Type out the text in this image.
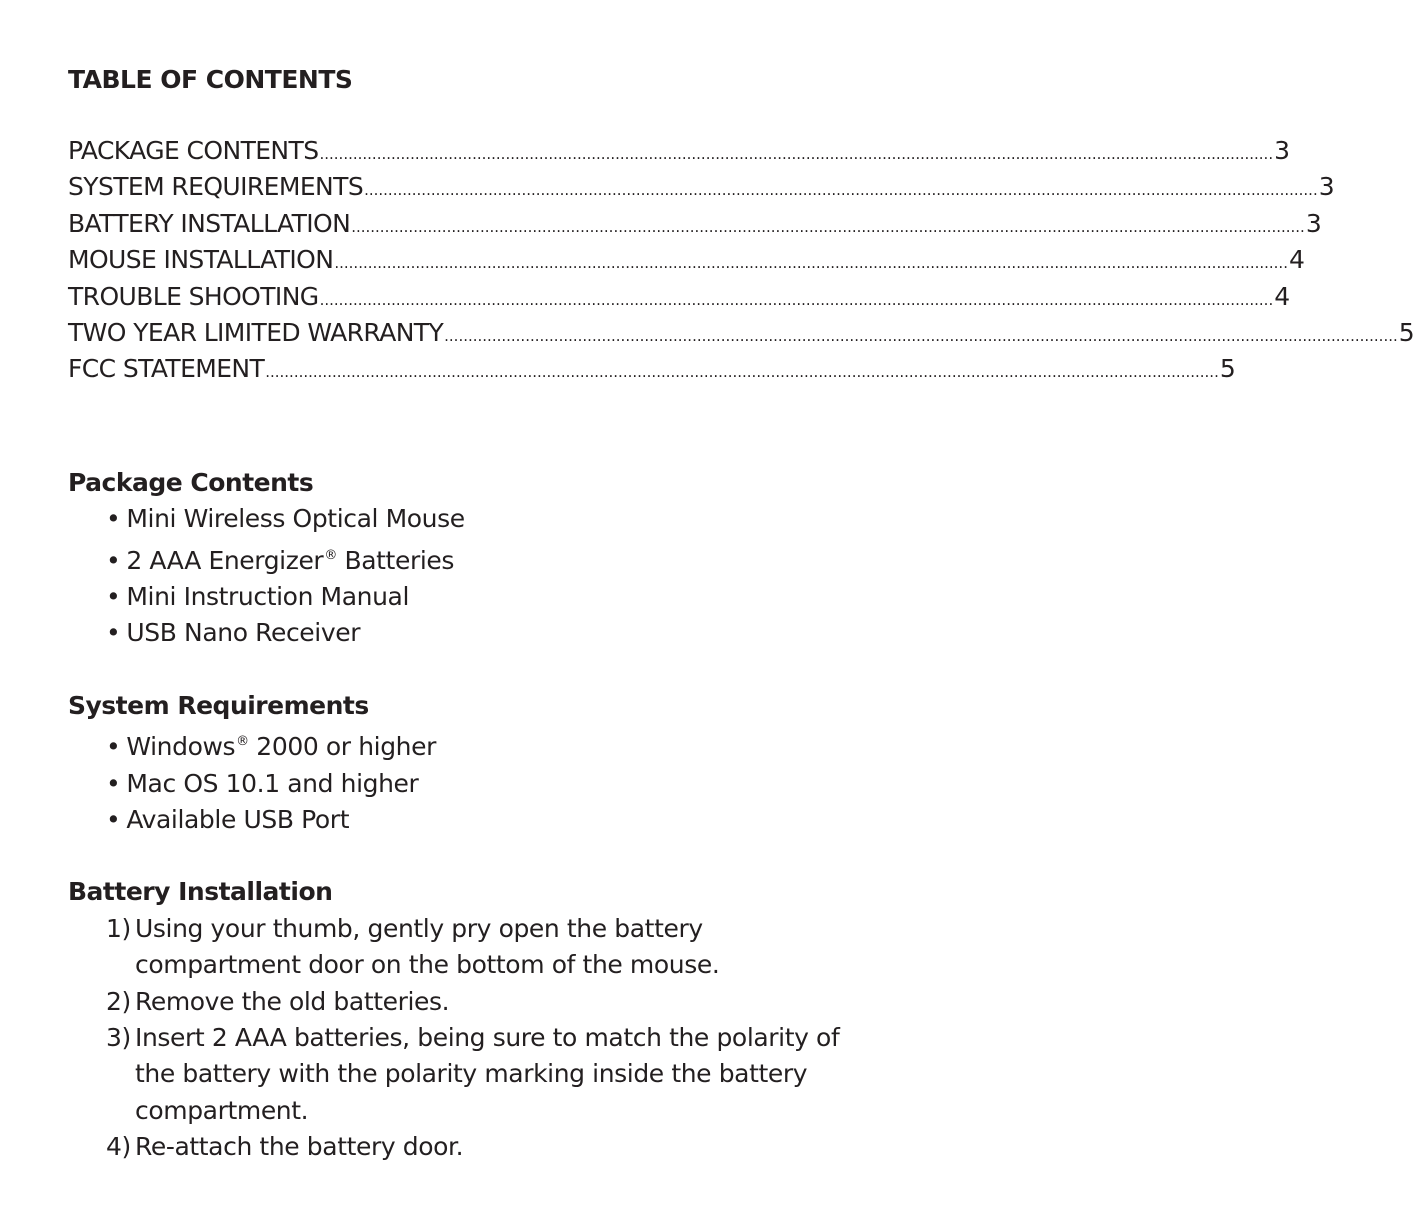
TABLE OF CONTENTS
PACKAGE CONTENTS ........................................................................................................................................................................................................ 3
SYSTEM REQUIREMENTS ........................................................................................................................................................................................................ 3
BATTERY INSTALLATION ........................................................................................................................................................................................................ 3
MOUSE INSTALLATION ........................................................................................................................................................................................................ 4
TROUBLE SHOOTING ........................................................................................................................................................................................................ 4
TWO YEAR LIMITED WARRANTY ........................................................................................................................................................................................................ 5
FCC STATEMENT ........................................................................................................................................................................................................ 5
Package Contents
• Mini Wireless Optical Mouse
• 2 AAA Energizer® Batteries
• Mini Instruction Manual
• USB Nano Receiver
System Requirements
• Windows® 2000 or higher
• Mac OS 10.1 and higher
• Available USB Port
Battery Installation
1) Using your thumb, gently pry open the battery compartment door on the bottom of the mouse.
2) Remove the old batteries.
3) Insert 2 AAA batteries, being sure to match the polarity of the battery with the polarity marking inside the battery compartment.
4) Re-attach the battery door.
